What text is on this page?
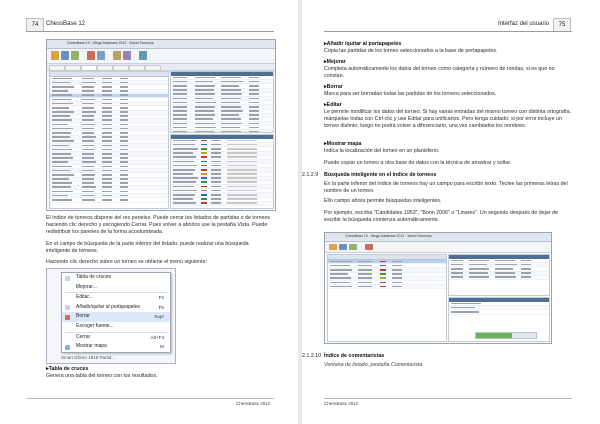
74	ChessBase 12
ChessBase 12 - Mega Database 2012 - World Tourneys
El índice de torneos dispone del res paneles. Puede cerrar los listados de partidas o de torneos haciendo clic derecho y escogiendo Cerrar. Pues volver a abrirlos use la pestaña Vista. Puede redistribuir los paneles de la forma acostumbrada.
En el campo de búsqueda de la parte inferior del listado, puede realizar una búsqueda inteligente de torneos.
Haciendo clic derecho sobre un torneo se obtiene el menú siguiente:
Tabla de cruces
Mejorar...
Editar...	F2
Añadir/quitar al portapapeles	F5
Borrar	Supr
Escoger fuente...
Cerrar	Alt+F4
Mostrar mapa	M
Smart Dilean 1918 Partid...
▸Tabla de cruces
Genera una tabla del torneo con los resultados.
ChessBase 2012
Interfaz del usuario	75
▸Añadir /quitar al portapapeles
Copia las partidas de los torneo seleccionados a la base de portapapeles.
▸Mejorar
Completa automáticamente los datos del torneo como categoría y número de rondas, si es que no constan.
▸Borrar
Marca para ser borradas todas las partidas de los torneos seleccionados.
▸Editar
Le permite modificar los datos del torneo. Si hay varias entradas del mismo torneo con distinta ortografía, márquelas todas con Ctrl-clic y use Editar para unificarlos. Pero tenga cuidado: si por error incluye un torneo distinto, luego no podrá volver a diferenciarlo, una vez cambiados los nombres.
▸Mostrar mapa
Indica la localización del torneo en un planisferio.
Puede copiar un torneo a otra base de datos con la técnica de arrastrar y soltar.
2.1.2.9 Búsqueda inteligente en el índice de torneos
En la parte inferior del índice de torneos hay un campo para escribir texto. Teclee las primeras letras del nombre de un torneo.
Ello campo ahora permite búsquedas inteligentes.
Por ejemplo, escriba "Candidates 1953", "Bonn 2006" o "Linares". Un segundo después de dejar de escribir la búsqueda comienza automáticamente.
ChessBase 12 - Mega Database 2012 - World Tourneys
2.1.2.10 Índice de comentaristas
Ventana de listado, pestaña Comentarista
ChessBase 2012
